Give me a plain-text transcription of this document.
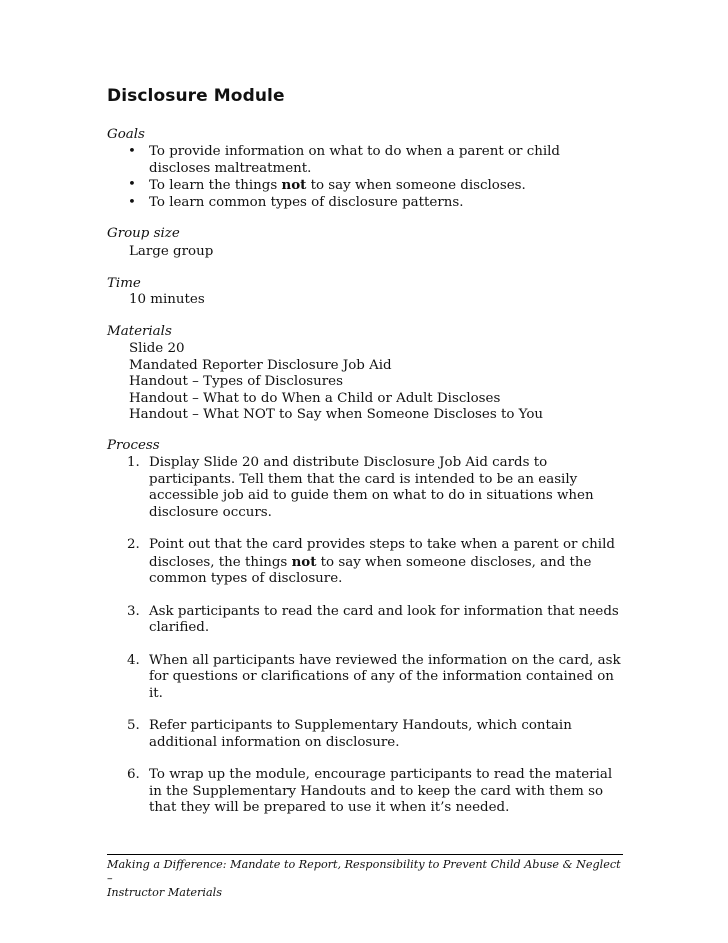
Disclosure Module
Goals
• To provide information on what to do when a parent or child discloses maltreatment.
• To learn the things not to say when someone discloses.
• To learn common types of disclosure patterns.
Group size
Large group
Time
10 minutes
Materials
Slide 20
Mandated Reporter Disclosure Job Aid
Handout – Types of Disclosures
Handout – What to do When a Child or Adult Discloses
Handout – What NOT to Say when Someone Discloses to You
Process
1. Display Slide 20 and distribute Disclosure Job Aid cards to participants. Tell them that the card is intended to be an easily accessible job aid to guide them on what to do in situations when disclosure occurs.
2. Point out that the card provides steps to take when a parent or child discloses, the things not to say when someone discloses, and the common types of disclosure.
3. Ask participants to read the card and look for information that needs clarified.
4. When all participants have reviewed the information on the card, ask for questions or clarifications of any of the information contained on it.
5. Refer participants to Supplementary Handouts, which contain additional information on disclosure.
6. To wrap up the module, encourage participants to read the material in the Supplementary Handouts and to keep the card with them so that they will be prepared to use it when it’s needed.
Making a Difference: Mandate to Report, Responsibility to Prevent Child Abuse & Neglect –
Instructor Materials
